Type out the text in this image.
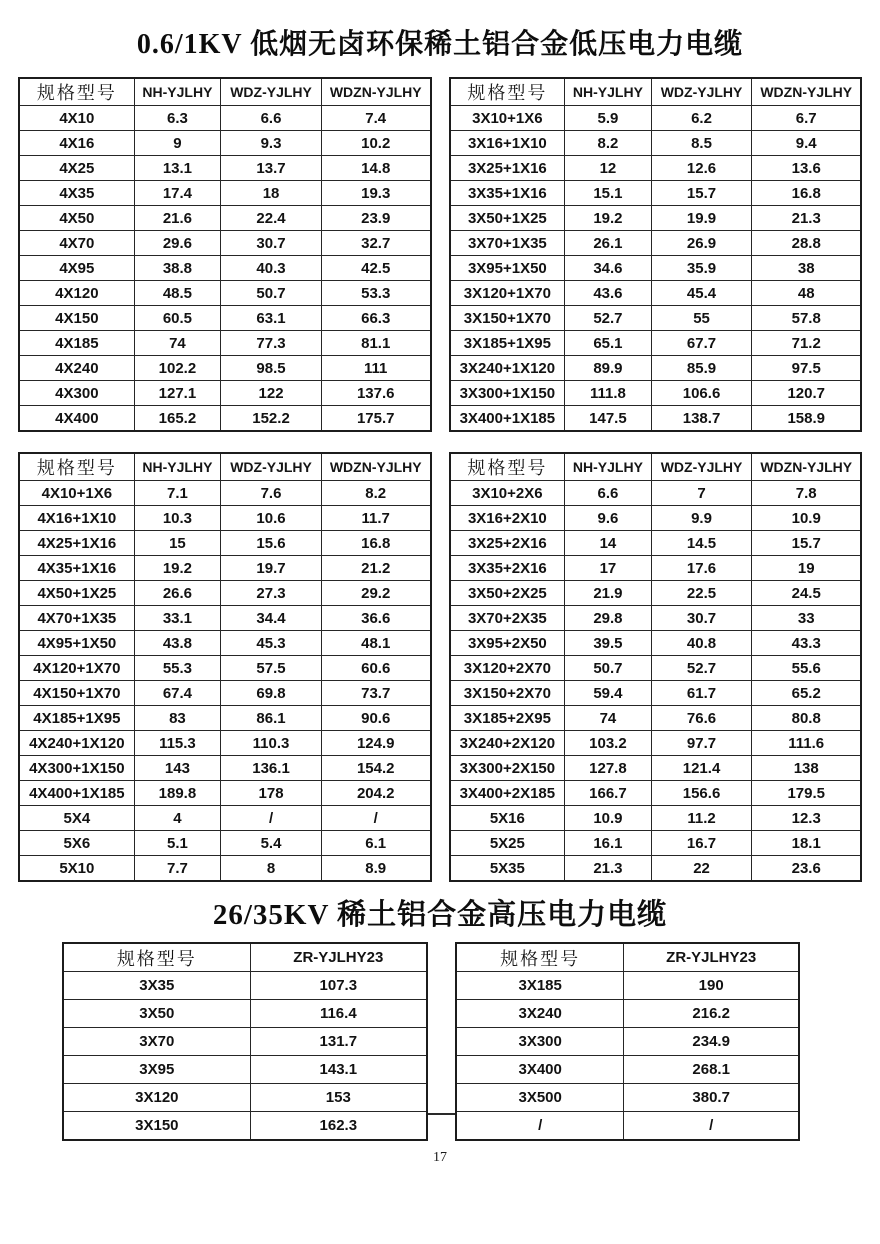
0.6/1KV 低烟无卤环保稀土铝合金低压电力电缆
规格型号	NH-YJLHY	WDZ-YJLHY	WDZN-YJLHY
4X10	6.3	6.6	7.4
4X16	9	9.3	10.2
4X25	13.1	13.7	14.8
4X35	17.4	18	19.3
4X50	21.6	22.4	23.9
4X70	29.6	30.7	32.7
4X95	38.8	40.3	42.5
4X120	48.5	50.7	53.3
4X150	60.5	63.1	66.3
4X185	74	77.3	81.1
4X240	102.2	98.5	111
4X300	127.1	122	137.6
4X400	165.2	152.2	175.7
规格型号	NH-YJLHY	WDZ-YJLHY	WDZN-YJLHY
3X10+1X6	5.9	6.2	6.7
3X16+1X10	8.2	8.5	9.4
3X25+1X16	12	12.6	13.6
3X35+1X16	15.1	15.7	16.8
3X50+1X25	19.2	19.9	21.3
3X70+1X35	26.1	26.9	28.8
3X95+1X50	34.6	35.9	38
3X120+1X70	43.6	45.4	48
3X150+1X70	52.7	55	57.8
3X185+1X95	65.1	67.7	71.2
3X240+1X120	89.9	85.9	97.5
3X300+1X150	111.8	106.6	120.7
3X400+1X185	147.5	138.7	158.9
规格型号	NH-YJLHY	WDZ-YJLHY	WDZN-YJLHY
4X10+1X6	7.1	7.6	8.2
4X16+1X10	10.3	10.6	11.7
4X25+1X16	15	15.6	16.8
4X35+1X16	19.2	19.7	21.2
4X50+1X25	26.6	27.3	29.2
4X70+1X35	33.1	34.4	36.6
4X95+1X50	43.8	45.3	48.1
4X120+1X70	55.3	57.5	60.6
4X150+1X70	67.4	69.8	73.7
4X185+1X95	83	86.1	90.6
4X240+1X120	115.3	110.3	124.9
4X300+1X150	143	136.1	154.2
4X400+1X185	189.8	178	204.2
5X4	4	/	/
5X6	5.1	5.4	6.1
5X10	7.7	8	8.9
规格型号	NH-YJLHY	WDZ-YJLHY	WDZN-YJLHY
3X10+2X6	6.6	7	7.8
3X16+2X10	9.6	9.9	10.9
3X25+2X16	14	14.5	15.7
3X35+2X16	17	17.6	19
3X50+2X25	21.9	22.5	24.5
3X70+2X35	29.8	30.7	33
3X95+2X50	39.5	40.8	43.3
3X120+2X70	50.7	52.7	55.6
3X150+2X70	59.4	61.7	65.2
3X185+2X95	74	76.6	80.8
3X240+2X120	103.2	97.7	111.6
3X300+2X150	127.8	121.4	138
3X400+2X185	166.7	156.6	179.5
5X16	10.9	11.2	12.3
5X25	16.1	16.7	18.1
5X35	21.3	22	23.6
26/35KV 稀土铝合金高压电力电缆
规格型号	ZR-YJLHY23
3X35	107.3
3X50	116.4
3X70	131.7
3X95	143.1
3X120	153
3X150	162.3
规格型号	ZR-YJLHY23
3X185	190
3X240	216.2
3X300	234.9
3X400	268.1
3X500	380.7
/	/
17
